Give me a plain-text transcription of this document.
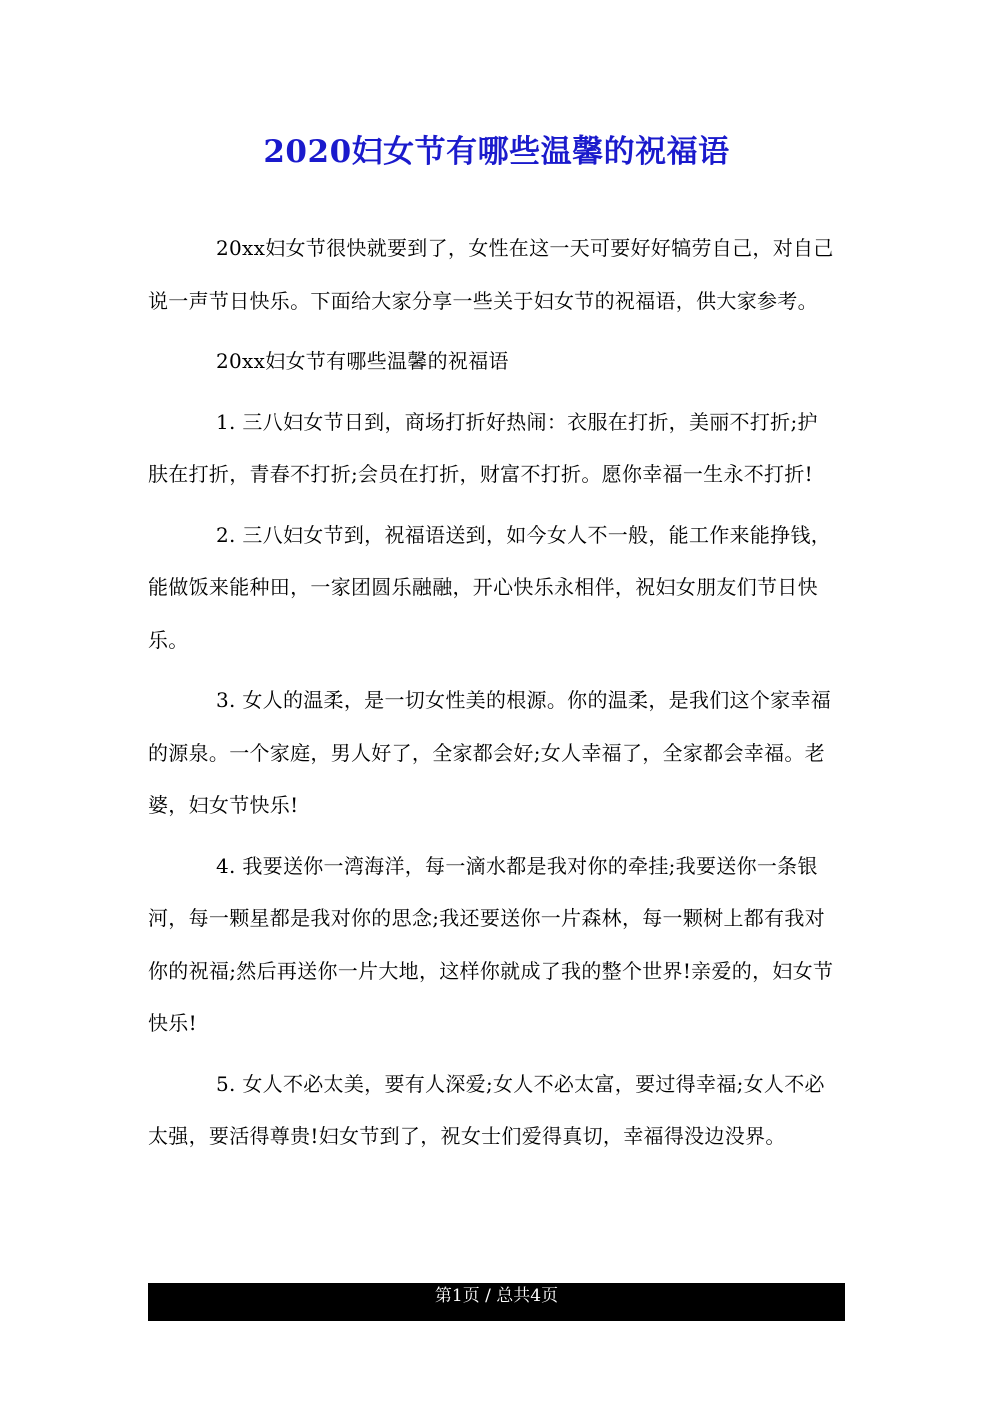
2020妇女节有哪些温馨的祝福语

20xx妇女节很快就要到了，女性在这一天可要好好犒劳自己，对自己说一声节日快乐。下面给大家分享一些关于妇女节的祝福语，供大家参考。

20xx妇女节有哪些温馨的祝福语

1. 三八妇女节日到，商场打折好热闹：衣服在打折，美丽不打折;护肤在打折，青春不打折;会员在打折，财富不打折。愿你幸福一生永不打折!

2. 三八妇女节到，祝福语送到，如今女人不一般，能工作来能挣钱，能做饭来能种田，一家团圆乐融融，开心快乐永相伴，祝妇女朋友们节日快乐。

3. 女人的温柔，是一切女性美的根源。你的温柔，是我们这个家幸福的源泉。一个家庭，男人好了，全家都会好;女人幸福了，全家都会幸福。老婆，妇女节快乐!

4. 我要送你一湾海洋，每一滴水都是我对你的牵挂;我要送你一条银河，每一颗星都是我对你的思念;我还要送你一片森林，每一颗树上都有我对你的祝福;然后再送你一片大地，这样你就成了我的整个世界!亲爱的，妇女节快乐!

5. 女人不必太美，要有人深爱;女人不必太富，要过得幸福;女人不必太强，要活得尊贵!妇女节到了，祝女士们爱得真切，幸福得没边没界。

第1页 / 总共4页
